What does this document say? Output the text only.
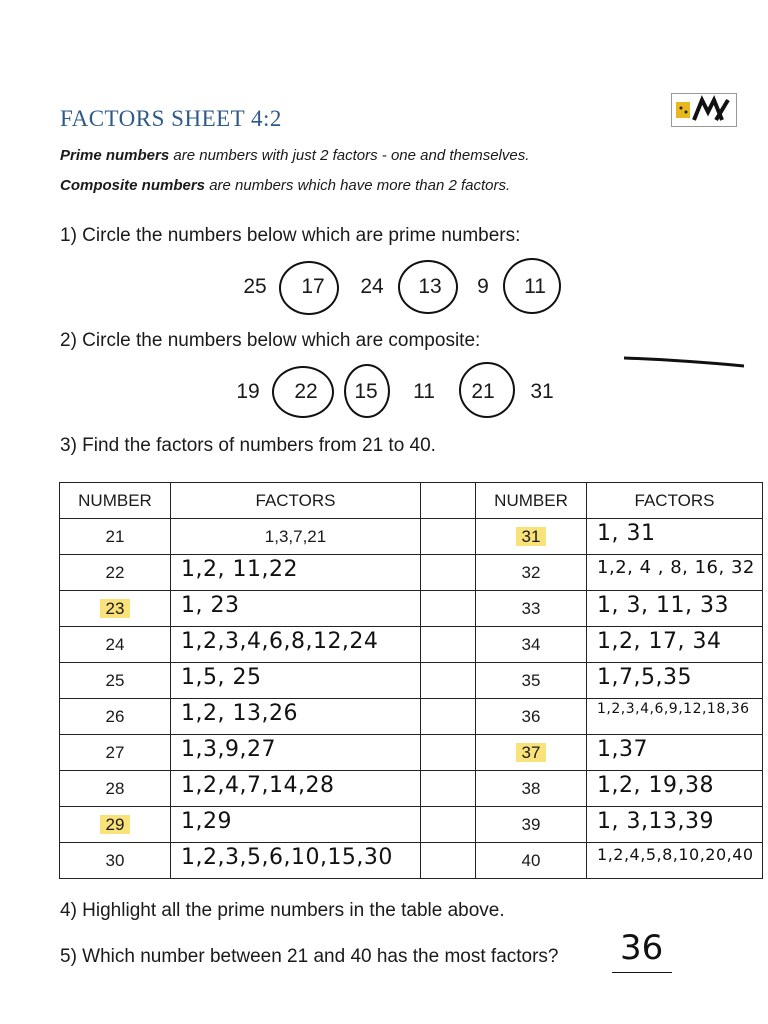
FACTORS SHEET 4:2
Prime numbers are numbers with just 2 factors - one and themselves.
Composite numbers are numbers which have more than 2 factors.
1) Circle the numbers below which are prime numbers:
25 17 24 13 9 11
2) Circle the numbers below which are composite:
19 22 15 11 21 31
3) Find the factors of numbers from 21 to 40.
NUMBER	FACTORS		NUMBER	FACTORS
21	1,3,7,21		31	1, 31

22	1,2, 11,22		32	1,2, 4 , 8, 16, 32

23	1, 23		33	1, 3, 11, 33

24	1,2,3,4,6,8,12,24		34	1,2, 17, 34

25	1,5, 25		35	1,7,5,35

26	1,2, 13,26		36	1,2,3,4,6,9,12,18,36

27	1,3,9,27		37	1,37

28	1,2,4,7,14,28		38	1,2, 19,38

29	1,29		39	1, 3,13,39

30	1,2,3,5,6,10,15,30		40	1,2,4,5,8,10,20,40
4) Highlight all the prime numbers in the table above.
5) Which number between 21 and 40 has the most factors? 36
